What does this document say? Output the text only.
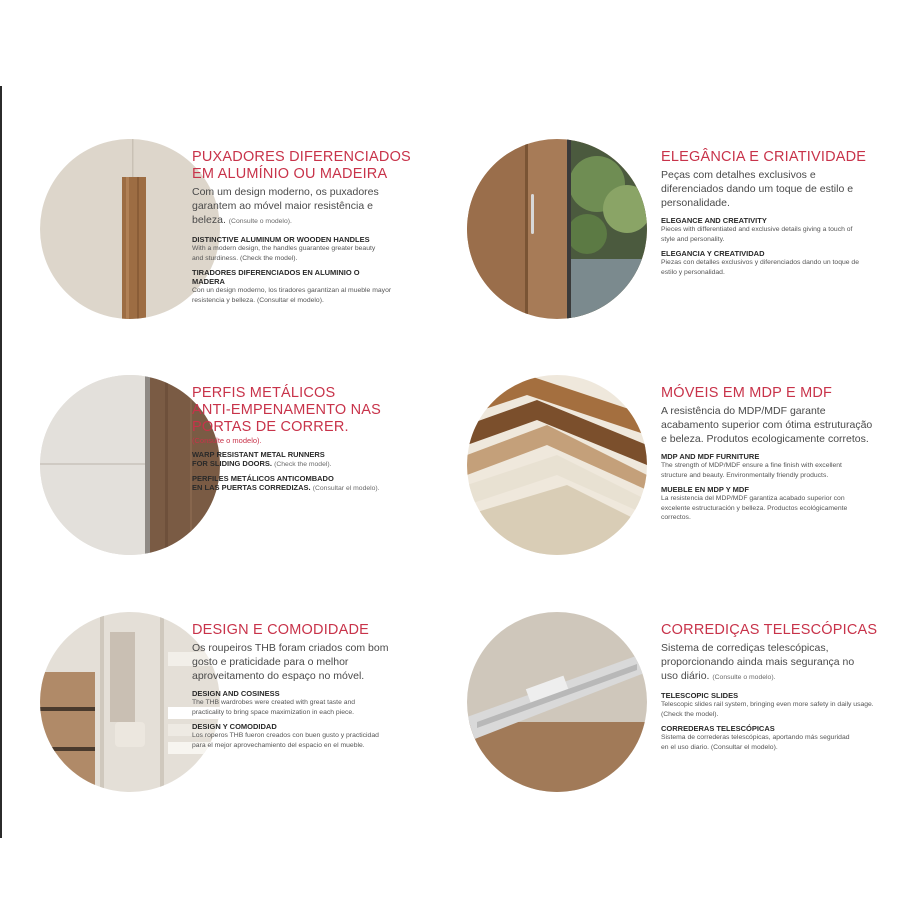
PUXADORES DIFERENCIADOS
EM ALUMÍNIO OU MADEIRA
Com um design moderno, os puxadores
garantem ao móvel maior resistência e
beleza. (Consulte o modelo).
DISTINCTIVE ALUMINUM OR WOODEN HANDLES
With a modern design, the handles guarantee greater beauty
and sturdiness. (Check the model).
TIRADORES DIFERENCIADOS EN ALUMINIO O
MADERA
Con un design moderno, los tiradores garantizan al mueble mayor
resistencia y belleza. (Consultar el modelo).
ELEGÂNCIA E CRIATIVIDADE
Peças com detalhes exclusivos e
diferenciados dando um toque de estilo e
personalidade.
ELEGANCE AND CREATIVITY
Pieces with differentiated and exclusive details giving a touch of
style and personality.
ELEGANCIA Y CREATIVIDAD
Piezas con detalles exclusivos y diferenciados dando un toque de
estilo y personalidad.
PERFIS METÁLICOS
ANTI-EMPENAMENTO NAS
PORTAS DE CORRER.
(Consulte o modelo).
WARP RESISTANT METAL RUNNERS
FOR SLIDING DOORS. (Check the model).
PERFILES METÁLICOS ANTICOMBADO
EN LAS PUERTAS CORREDIZAS. (Consultar el modelo).
MÓVEIS EM MDP E MDF
A resistência do MDP/MDF garante
acabamento superior com ótima estruturação
e beleza. Produtos ecologicamente corretos.
MDP AND MDF FURNITURE
The strength of MDP/MDF ensure a fine finish with excellent
structure and beauty. Environmentally friendly products.
MUEBLE EN MDP Y MDF
La resistencia del MDP/MDF garantiza acabado superior con
excelente estructuración y belleza. Productos ecológicamente
correctos.
DESIGN E COMODIDADE
Os roupeiros THB foram criados com bom
gosto e praticidade para o melhor
aproveitamento do espaço no móvel.
DESIGN AND COSINESS
The THB wardrobes were created with great taste and
practicality to bring space maximization in each piece.
DESIGN Y COMODIDAD
Los roperos THB fueron creados con buen gusto y practicidad
para el mejor aprovechamiento del espacio en el mueble.
CORREDIÇAS TELESCÓPICAS
Sistema de corrediças telescópicas,
proporcionando ainda mais segurança no
uso diário. (Consulte o modelo).
TELESCOPIC SLIDES
Telescopic slides rail system, bringing even more safety in daily usage.
(Check the model).
CORREDERAS TELESCÓPICAS
Sistema de correderas telescópicas, aportando más seguridad
en el uso diario. (Consultar el modelo).
